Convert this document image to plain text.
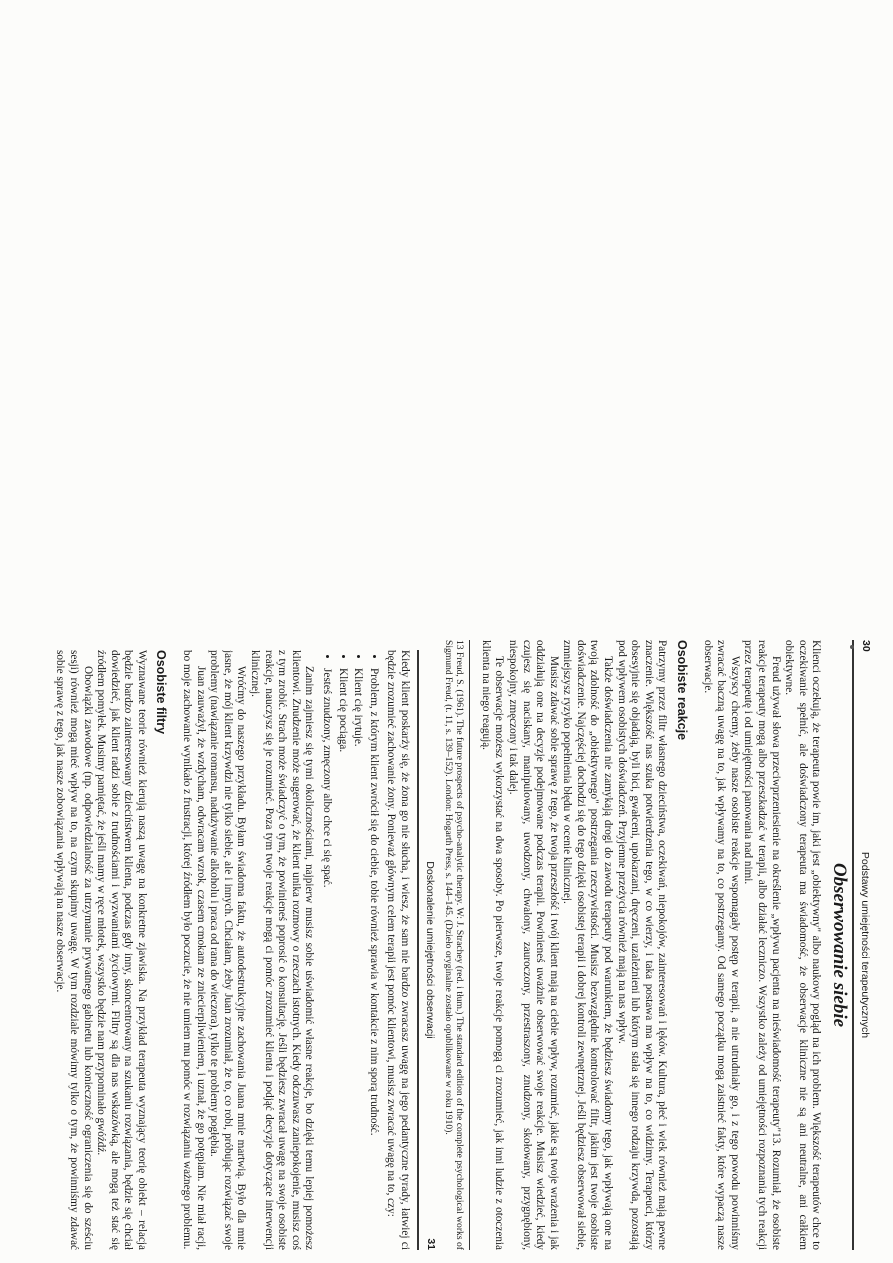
30
Podstawy umiejętności terapeutycznych
Obserwowanie siebie

Klienci oczekują, że terapeuta powie im, jaki jest „obiektywny" albo naukowy pogląd na ich problem. Większość terapeutów chce to oczekiwanie spełnić, ale doświadczony terapeuta ma świadomość, że obserwacje kliniczne nie są ani neutralne, ani całkiem obiektywne.

Freud używał słowa przeciwprzeniesienie na określenie „wpływu pacjenta na nieświadomość terapeuty"13. Rozumiał, że osobiste reakcje terapeuty mogą albo przeszkadzać w terapii, albo działać leczniczo. Wszystko zależy od umiejętności rozpoznania tych reakcji przez terapeutę i od umiejętności panowania nad nimi.

Wszyscy chcemy, żeby nasze osobiste reakcje wspomagały postęp w terapii, a nie utrudniały go, i z tego powodu powinniśmy zwracać baczną uwagę na to, jak wpływamy na to, co postrzegamy. Od samego początku mogą zaistnieć fakty, które wypaczą nasze obserwacje.

Osobiste reakcje

Patrzymy przez filtr własnego dzieciństwa, oczekiwań, niepokojów, zainteresowań i lęków. Kultura, płeć i wiek również mają pewne znaczenie. Większość nas szuka potwierdzenia tego, w co wierzy, i taka postawa ma wpływ na to, co widzimy. Terapeuci, którzy obsesyjnie się objadają, byli bici, gwałceni, upokarzani, dręczeni, uzależnieni lub którym stała się innego rodzaju krzywda, pozostają pod wpływem osobistych doświadczeń. Przyjemne przeżycia również mają na nas wpływ.

Także doświadczenia nie zamykają drogi do zawodu terapeuty pod warunkiem, że będziesz świadomy tego, jak wpływają one na twoją zdolność do „obiektywnego" postrzegania rzeczywistości. Musisz bezwzględnie kontrolować filtr, jakim jest twoje osobiste doświadczenie. Najczęściej dochodzi się do tego dzięki osobistej terapii i dobrej kontroli zewnętrznej. Jeśli będziesz obserwował siebie, zmniejszysz ryzyko popełnienia błędu w ocenie klinicznej.

Musisz zdawać sobie sprawę z tego, że twoja przeszłość i twój klient mają na ciebie wpływ, rozumieć, jakie są twoje wrażenia i jak oddziałują one na decyzje podejmowane podczas terapii. Powinieneś uważnie obserwować swoje reakcje. Musisz wiedzieć, kiedy czujesz się naciskany, manipulowany, uwodzony, chwalony, zauroczony, przestraszony, znudzony, skołowany, przygnębiony, niespokojny, zmęczony i tak dalej.

Te obserwacje możesz wykorzystać na dwa sposoby. Po pierwsze, twoje reakcje pomogą ci zrozumieć, jak inni ludzie z otoczenia klienta na niego reagują.

13 Freud, S. (1961). The future prospects of psycho-analytic therapy. W: J. Strachey (red. i tłum.) The standard edition of the complete psychological works of Sigmund Freud, (t. 11, s. 139–152). London: Hogarth Press, s. 144–145. (Dzieło oryginalne zostało opublikowane w roku 1910).
Doskonalenie umiejętności obserwacji
31

Kiedy klient poskarży się, że żona go nie słucha, i wiesz, że sam nie bardzo zwracasz uwagę na jego pedantyczne tyrady, łatwiej ci będzie zrozumieć zachowanie żony. Ponieważ głównym celem terapii jest pomóc klientowi, musisz zwracać uwagę na to, czy:

• Problem, z którym klient zwrócił się do ciebie, tobie również sprawia w kontakcie z nim sporą trudność.
• Klient cię irytuje.
• Klient cię pociąga.
• Jesteś znudzony, zmęczony albo chce ci się spać.

Zanim zajmiesz się tymi okolicznościami, najpierw musisz sobie uświadomić własne reakcje, bo dzięki temu lepiej pomożesz klientowi. Znudzenie może sugerować, że klient unika rozmowy o rzeczach istotnych. Kiedy odczuwasz zaniepokojenie, musisz coś z tym zrobić. Strach może świadczyć o tym, że powinieneś poprosić o konsultację. Jeśli będziesz zwracał uwagę na swoje osobiste reakcje, nauczysz się je rozumieć. Poza tym twoje reakcje mogą ci pomóc zrozumieć klienta i podjąć decyzje dotyczące interwencji klinicznej.

Wróćmy do naszego przykładu. Byłam świadoma faktu, że autodestrukcyjne zachowania Juana mnie martwią. Było dla mnie jasne, że mój klient krzywdzi nie tylko siebie, ale i innych. Chciałam, żeby Juan zrozumiał, że to, co robi, próbując rozwiązać swoje problemy (nawiązanie romansu, nadużywanie alkoholu i praca od rana do wieczora), tylko te problemy pogłębia.

Juan zauważył, że wzdycham, odwracam wzrok, czasem cmokam ze zniecierpliwieniem, i uznał, że go potępiam. Nie miał racji, bo moje zachowanie wynikało z frustracji, której źródłem było poczucie, że nie umiem mu pomóc w rozwiązaniu ważnego problemu.

Osobiste filtry

Wyznawane teorie również kierują naszą uwagę na konkretne zjawiska. Na przykład terapeuta wyznający teorię obiekt – relacja będzie bardzo zainteresowany dzieciństwem klienta, podczas gdy inny, skoncentrowany na szukaniu rozwiązania, będzie się chciał dowiedzieć, jak klient radzi sobie z trudnościami i wyzwaniami życiowymi. Filtry są dla nas wskazówką, ale mogą też stać się źródłem pomyłek. Musimy pamiętać, że jeśli mamy w ręce młotek, wszystko będzie nam przypominało gwóźdź.

Obowiązki zawodowe (np. odpowiedzialność za utrzymanie prywatnego gabinetu lub konieczność ograniczenia się do sześciu sesji) również mogą mieć wpływ na to, na czym skupimy uwagę. W tym rozdziale mówimy tylko o tym, że powinniśmy zdawać sobie sprawę z tego, jak nasze zobowiązania wpływają na nasze obserwacje.
